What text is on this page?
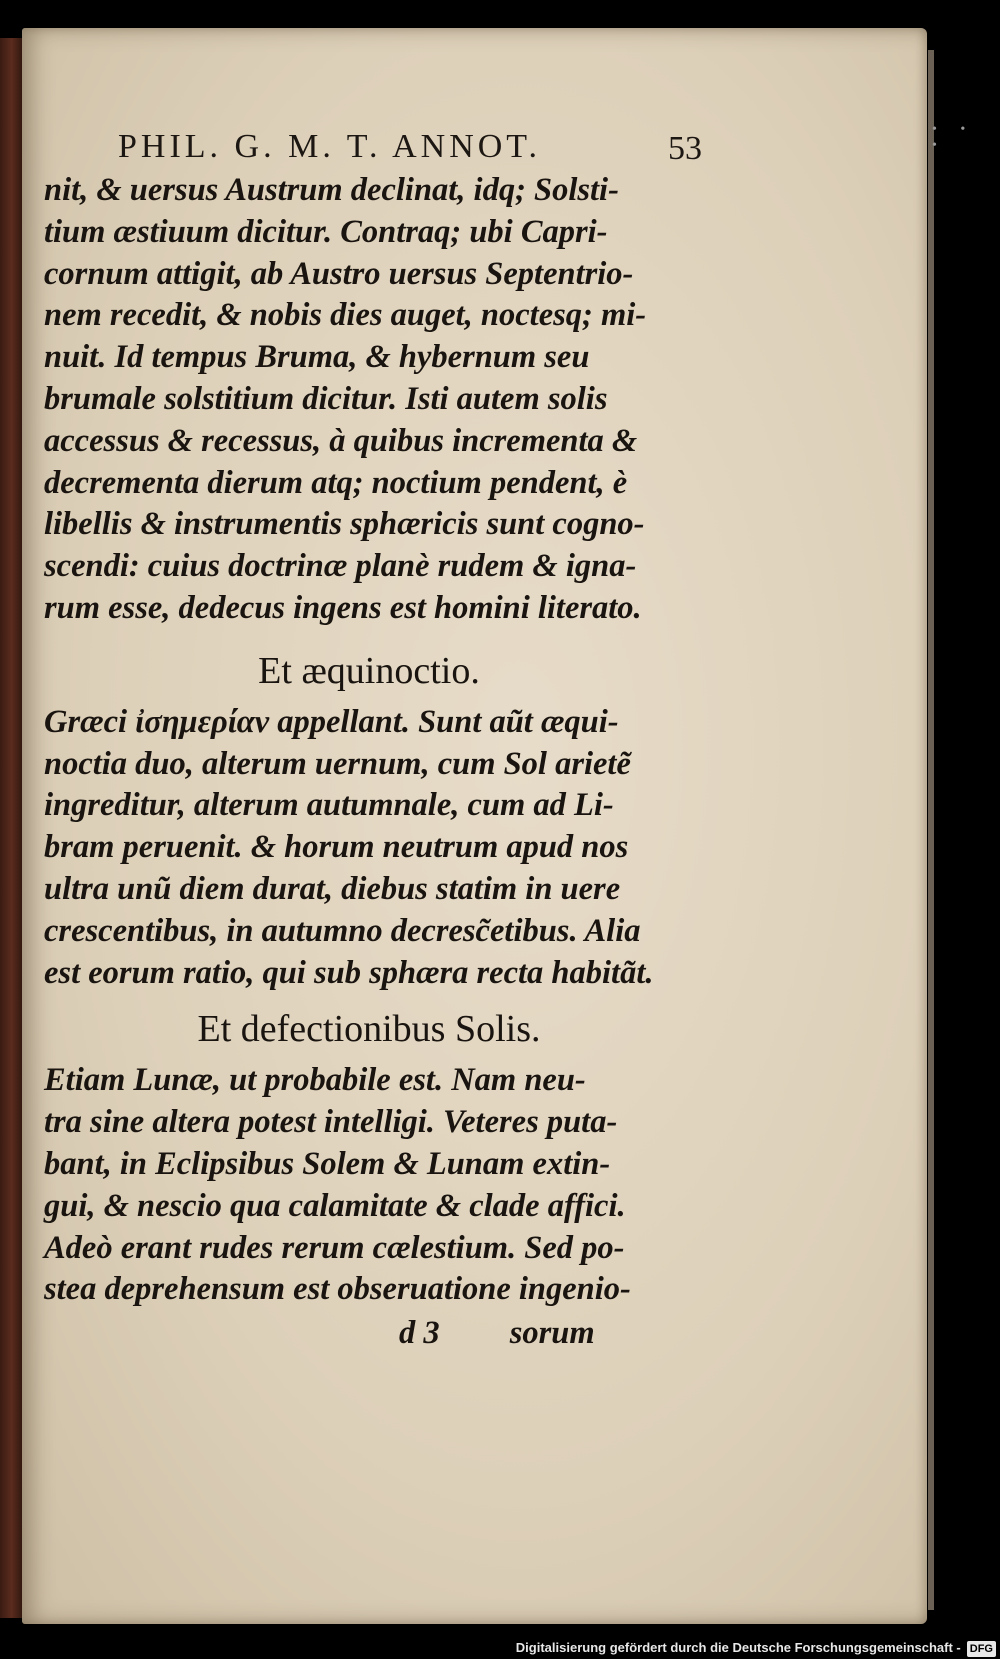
• • •
PHIL. G. M. T. ANNOT.	53
nit, & uersus Austrum declinat, idq; Solsti-
tium æstiuum dicitur. Contraq; ubi Capri-
cornum attigit, ab Austro uersus Septentrio-
nem recedit, & nobis dies auget, noctesq; mi-
nuit. Id tempus Bruma, & hybernum seu
brumale solstitium dicitur. Isti autem solis
accessus & recessus, à quibus incrementa &
decrementa dierum atq; noctium pendent, è
libellis & instrumentis sphæricis sunt cogno-
scendi: cuius doctrinæ planè rudem & igna-
rum esse, dedecus ingens est homini literato.
Et æquinoctio.
Græci ἰσημερίαν appellant. Sunt aũt æqui-
noctia duo, alterum uernum, cum Sol arietẽ
ingreditur, alterum autumnale, cum ad Li-
bram peruenit. & horum neutrum apud nos
ultra unũ diem durat, diebus statim in uere
crescentibus, in autumno decresc̃etibus. Alia
est eorum ratio, qui sub sphæra recta habitãt.
Et defectionibus Solis.
Etiam Lunæ, ut probabile est. Nam neu-
tra sine altera potest intelligi. Veteres puta-
bant, in Eclipsibus Solem & Lunam extin-
gui, & nescio qua calamitate & clade affici.
Adeò erant rudes rerum cælestium. Sed po-
stea deprehensum est obseruatione ingenio-
d 3 sorum
Digitalisierung gefördert durch die Deutsche Forschungsgemeinschaft - DFG
